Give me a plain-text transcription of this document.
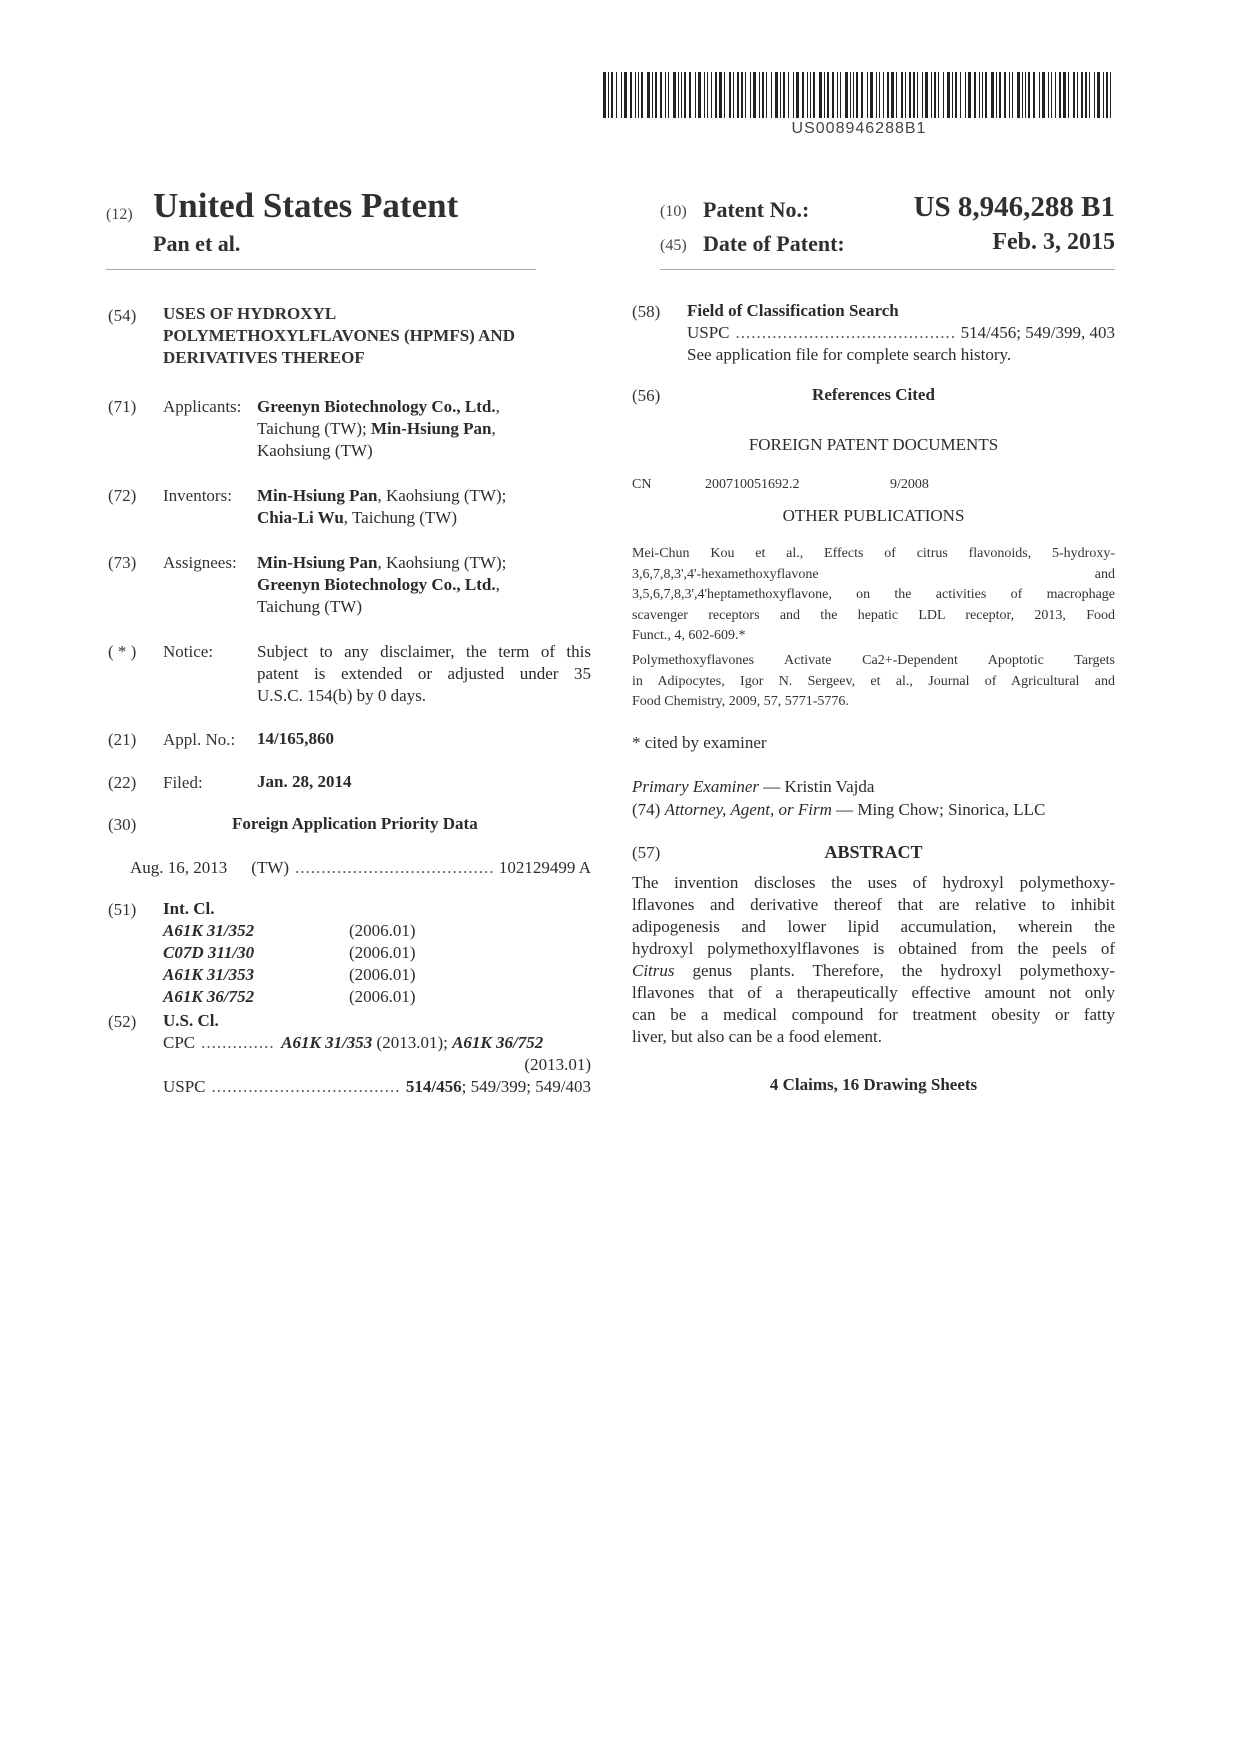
US008946288B1
(12) United States Patent
Pan et al.
(10) Patent No.:	US 8,946,288 B1
(45) Date of Patent:	Feb. 3, 2015
(54) USES OF HYDROXYL
POLYMETHOXYLFLAVONES (HPMFS) AND
DERIVATIVES THEREOF
(71) Applicants: Greenyn Biotechnology Co., Ltd.,
Taichung (TW); Min-Hsiung Pan,
Kaohsiung (TW)
(72) Inventors: Min-Hsiung Pan, Kaohsiung (TW);
Chia-Li Wu, Taichung (TW)
(73) Assignees: Min-Hsiung Pan, Kaohsiung (TW);
Greenyn Biotechnology Co., Ltd.,
Taichung (TW)
( * ) Notice:	Subject to any disclaimer, the term of this
patent is extended or adjusted under 35
U.S.C. 154(b) by 0 days.
(21) Appl. No.: 14/165,860
(22) Filed:	Jan. 28, 2014
(30)	Foreign Application Priority Data
Aug. 16, 2013 (TW) .....	102129499 A
(51) Int. Cl.
A61K 31/352	(2006.01)
C07D 311/30	(2006.01)
A61K 31/353	(2006.01)
A61K 36/752	(2006.01)
(52) U.S. Cl.
CPC .....	A61K 31/353 (2013.01); A61K 36/752
(2013.01)
USPC .....	514/456; 549/399; 549/403
(58) Field of Classification Search
USPC .....	514/456; 549/399, 403
See application file for complete search history.
(56)	References Cited
FOREIGN PATENT DOCUMENTS
CN	200710051692.2	9/2008
OTHER PUBLICATIONS
Mei-Chun Kou et al., Effects of citrus flavonoids, 5-hydroxy-
3,6,7,8,3',4'-hexamethoxyflavone	and
3,5,6,7,8,3',4'heptamethoxyflavone, on the activities of macrophage
scavenger receptors and the hepatic LDL receptor, 2013, Food
Funct., 4, 602-609.*
Polymethoxyflavones Activate Ca2+-Dependent Apoptotic Targets
in Adipocytes, Igor N. Sergeev, et al., Journal of Agricultural and
Food Chemistry, 2009, 57, 5771-5776.
* cited by examiner
Primary Examiner — Kristin Vajda
(74) Attorney, Agent, or Firm — Ming Chow; Sinorica, LLC
(57)	ABSTRACT
The invention discloses the uses of hydroxyl polymethoxy-
lflavones and derivative thereof that are relative to inhibit
adipogenesis and lower lipid accumulation, wherein the
hydroxyl polymethoxylflavones is obtained from the peels of
Citrus genus plants. Therefore, the hydroxyl polymethoxy-
lflavones that of a therapeutically effective amount not only
can be a medical compound for treatment obesity or fatty
liver, but also can be a food element.
4 Claims, 16 Drawing Sheets
